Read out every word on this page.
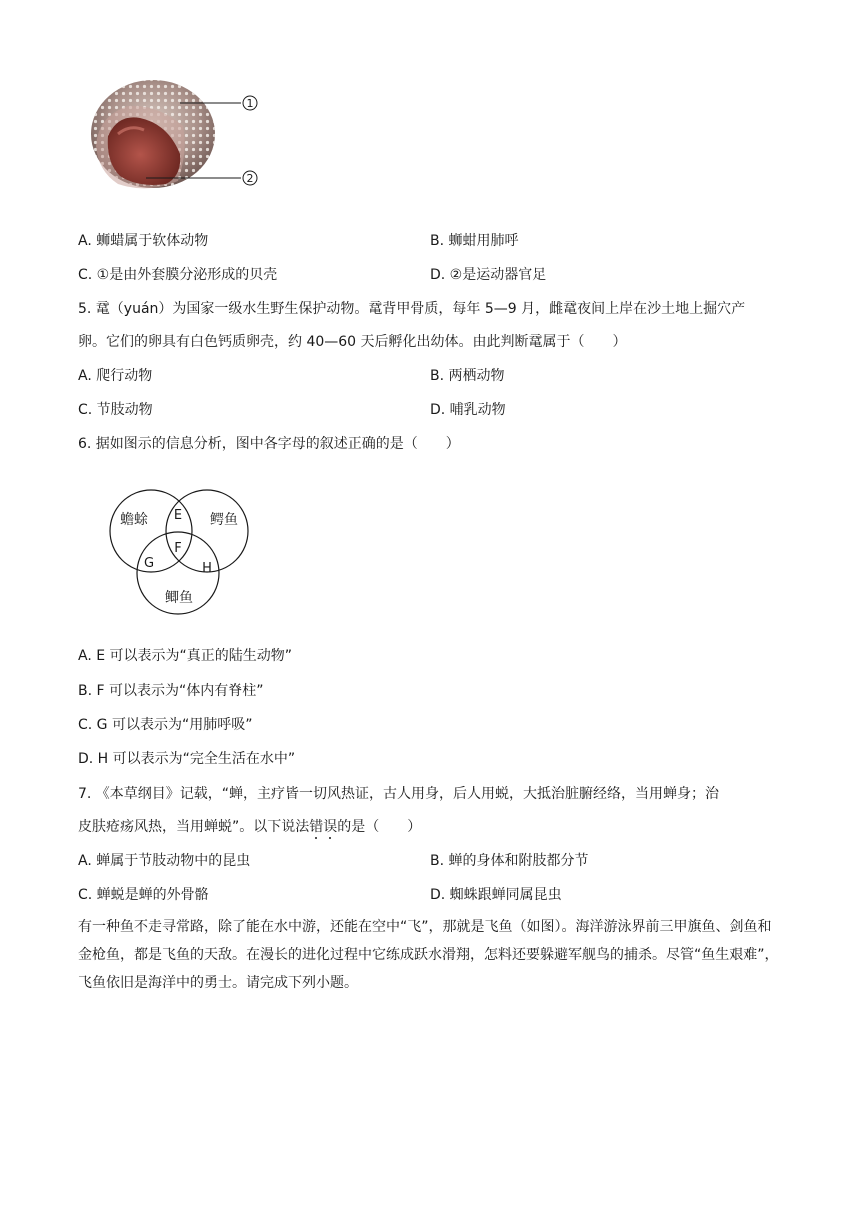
1
2
A. 蛳蜡属于软体动物	B. 蛳蚶用肺呼
C. ①是由外套膜分泌形成的贝壳	D. ②是运动器官足
5. 鼋（yuán）为国家一级水生野生保护动物。鼋背甲骨质，每年 5—9 月，雌鼋夜间上岸在沙土地上掘穴产
卵。它们的卵具有白色钙质卵壳，约 40—60 天后孵化出幼体。由此判断鼋属于（　　）
A. 爬行动物	B. 两栖动物
C. 节肢动物	D. 哺乳动物
6. 据如图示的信息分析，图中各字母的叙述正确的是（　　）
蟾蜍	鳄鱼
鲫鱼
E
F
G	H
A. E 可以表示为“真正的陆生动物”
B. F 可以表示为“体内有脊柱”
C. G 可以表示为“用肺呼吸”
D. H 可以表示为“完全生活在水中”
7. 《本草纲目》记载，“蝉，主疗皆一切风热证，古人用身，后人用蜕，大抵治脏腑经络，当用蝉身；治
皮肤疮疡风热，当用蝉蜕”。以下说法错误的是（　　）
A. 蝉属于节肢动物中的昆虫	B. 蝉的身体和附肢都分节
C. 蝉蜕是蝉的外骨骼	D. 蜘蛛跟蝉同属昆虫
有一种鱼不走寻常路，除了能在水中游，还能在空中“飞”，那就是飞鱼（如图）。海洋游泳界前三甲旗鱼、剑鱼和金枪鱼，都是飞鱼的天敌。在漫长的进化过程中它练成跃水滑翔，怎料还要躲避军舰鸟的捕杀。尽管“鱼生艰难”，飞鱼依旧是海洋中的勇士。请完成下列小题。
